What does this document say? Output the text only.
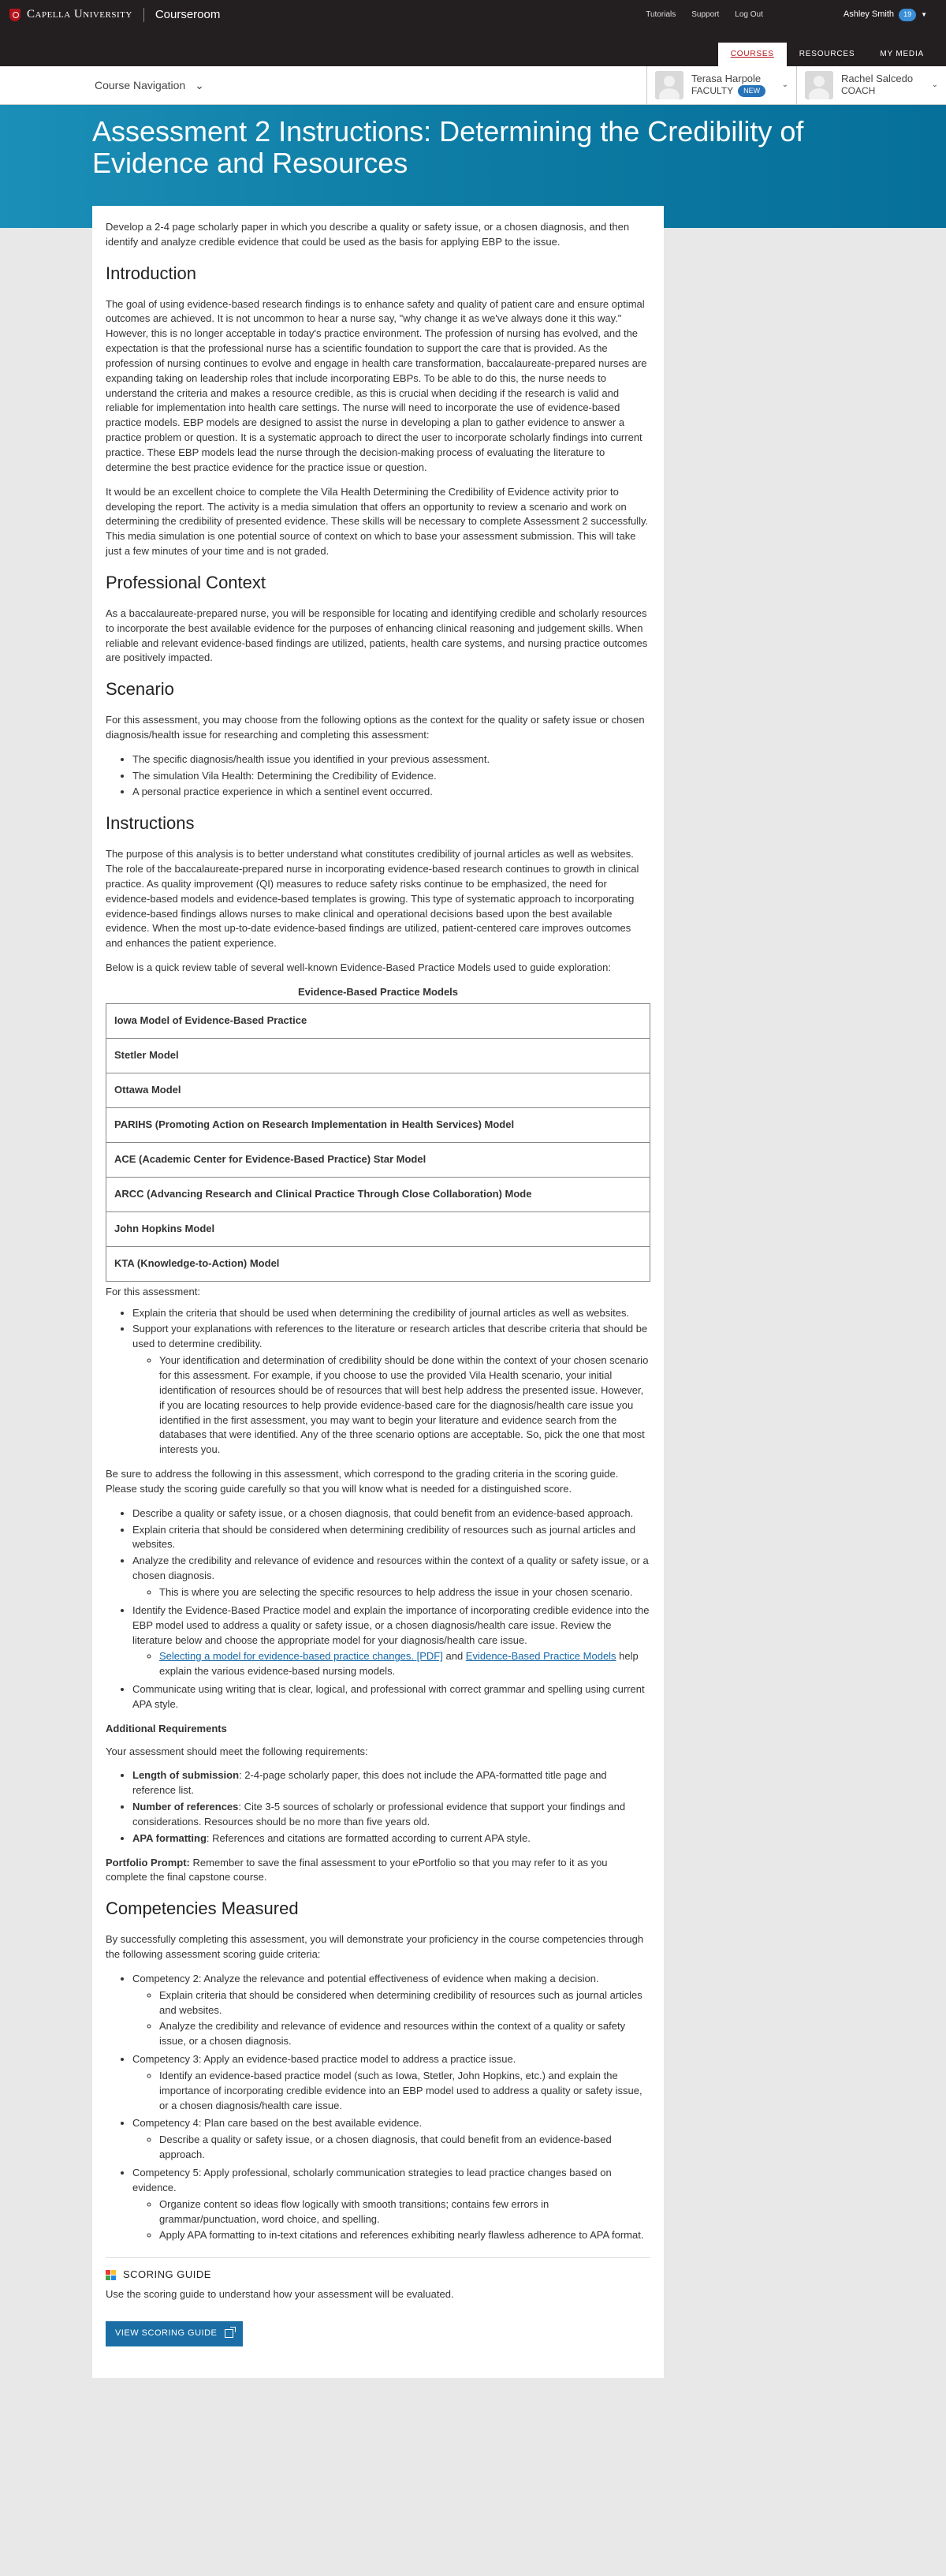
Capella University Courseroom	Tutorials Support Log Out	Ashley Smith	19	▼
COURSES	RESOURCES	MY MEDIA
Course Navigation ⌄
Terasa Harpole
FACULTY	NEW
⌄
Rachel Salcedo
COACH
⌄
Assessment 2 Instructions: Determining the Credibility of Evidence and Resources

Develop a 2-4 page scholarly paper in which you describe a quality or safety issue, or a chosen diagnosis, and then identify and analyze credible evidence that could be used as the basis for applying EBP to the issue.

Introduction

The goal of using evidence-based research findings is to enhance safety and quality of patient care and ensure optimal outcomes are achieved. It is not uncommon to hear a nurse say, "why change it as we've always done it this way." However, this is no longer acceptable in today's practice environment. The profession of nursing has evolved, and the expectation is that the professional nurse has a scientific foundation to support the care that is provided. As the profession of nursing continues to evolve and engage in health care transformation, baccalaureate-prepared nurses are expanding taking on leadership roles that include incorporating EBPs. To be able to do this, the nurse needs to understand the criteria and makes a resource credible, as this is crucial when deciding if the research is valid and reliable for implementation into health care settings. The nurse will need to incorporate the use of evidence-based practice models. EBP models are designed to assist the nurse in developing a plan to gather evidence to answer a practice problem or question. It is a systematic approach to direct the user to incorporate scholarly findings into current practice. These EBP models lead the nurse through the decision-making process of evaluating the literature to determine the best practice evidence for the practice issue or question.

It would be an excellent choice to complete the Vila Health Determining the Credibility of Evidence activity prior to developing the report. The activity is a media simulation that offers an opportunity to review a scenario and work on determining the credibility of presented evidence. These skills will be necessary to complete Assessment 2 successfully. This media simulation is one potential source of context on which to base your assessment submission. This will take just a few minutes of your time and is not graded.

Professional Context

As a baccalaureate-prepared nurse, you will be responsible for locating and identifying credible and scholarly resources to incorporate the best available evidence for the purposes of enhancing clinical reasoning and judgement skills. When reliable and relevant evidence-based findings are utilized, patients, health care systems, and nursing practice outcomes are positively impacted.

Scenario

For this assessment, you may choose from the following options as the context for the quality or safety issue or chosen diagnosis/health issue for researching and completing this assessment:

• The specific diagnosis/health issue you identified in your previous assessment.
• The simulation Vila Health: Determining the Credibility of Evidence.
• A personal practice experience in which a sentinel event occurred.
Instructions

The purpose of this analysis is to better understand what constitutes credibility of journal articles as well as websites. The role of the baccalaureate-prepared nurse in incorporating evidence-based research continues to growth in clinical practice. As quality improvement (QI) measures to reduce safety risks continue to be emphasized, the need for evidence-based models and evidence-based templates is growing. This type of systematic approach to incorporating evidence-based findings allows nurses to make clinical and operational decisions based upon the best available evidence. When the most up-to-date evidence-based findings are utilized, patient-centered care improves outcomes and enhances the patient experience.

Below is a quick review table of several well-known Evidence-Based Practice Models used to guide exploration:

Evidence-Based Practice Models
Iowa Model of Evidence-Based Practice
Stetler Model
Ottawa Model
PARIHS (Promoting Action on Research Implementation in Health Services) Model
ACE (Academic Center for Evidence-Based Practice) Star Model
ARCC (Advancing Research and Clinical Practice Through Close Collaboration) Mode
John Hopkins Model
KTA (Knowledge-to-Action) Model

For this assessment:

• Explain the criteria that should be used when determining the credibility of journal articles as well as websites.
• Support your explanations with references to the literature or research articles that describe criteria that should be used to determine credibility.
◦ Your identification and determination of credibility should be done within the context of your chosen scenario for this assessment. For example, if you choose to use the provided Vila Health scenario, your initial identification of resources should be of resources that will best help address the presented issue. However, if you are locating resources to help provide evidence-based care for the diagnosis/health care issue you identified in the first assessment, you may want to begin your literature and evidence search from the databases that were identified. Any of the three scenario options are acceptable. So, pick the one that most interests you.

Be sure to address the following in this assessment, which correspond to the grading criteria in the scoring guide. Please study the scoring guide carefully so that you will know what is needed for a distinguished score.

• Describe a quality or safety issue, or a chosen diagnosis, that could benefit from an evidence-based approach.
• Explain criteria that should be considered when determining credibility of resources such as journal articles and websites.
• Analyze the credibility and relevance of evidence and resources within the context of a quality or safety issue, or a chosen diagnosis.
◦ This is where you are selecting the specific resources to help address the issue in your chosen scenario.
• Identify the Evidence-Based Practice model and explain the importance of incorporating credible evidence into the EBP model used to address a quality or safety issue, or a chosen diagnosis/health care issue. Review the literature below and choose the appropriate model for your diagnosis/health care issue.
◦ Selecting a model for evidence-based practice changes. [PDF] and Evidence-Based Practice Models help explain the various evidence-based nursing models.
• Communicate using writing that is clear, logical, and professional with correct grammar and spelling using current APA style.
Additional Requirements

Your assessment should meet the following requirements:

• Length of submission: 2-4-page scholarly paper, this does not include the APA-formatted title page and reference list.
• Number of references: Cite 3-5 sources of scholarly or professional evidence that support your findings and considerations. Resources should be no more than five years old.
• APA formatting: References and citations are formatted according to current APA style.

Portfolio Prompt: Remember to save the final assessment to your ePortfolio so that you may refer to it as you complete the final capstone course.

Competencies Measured

By successfully completing this assessment, you will demonstrate your proficiency in the course competencies through the following assessment scoring guide criteria:

• Competency 2: Analyze the relevance and potential effectiveness of evidence when making a decision.
◦ Explain criteria that should be considered when determining credibility of resources such as journal articles and websites.
◦ Analyze the credibility and relevance of evidence and resources within the context of a quality or safety issue, or a chosen diagnosis.
• Competency 3: Apply an evidence-based practice model to address a practice issue.
◦ Identify an evidence-based practice model (such as Iowa, Stetler, John Hopkins, etc.) and explain the importance of incorporating credible evidence into an EBP model used to address a quality or safety issue, or a chosen diagnosis/health care issue.
• Competency 4: Plan care based on the best available evidence.
◦ Describe a quality or safety issue, or a chosen diagnosis, that could benefit from an evidence-based approach.
• Competency 5: Apply professional, scholarly communication strategies to lead practice changes based on evidence.
◦ Organize content so ideas flow logically with smooth transitions; contains few errors in grammar/punctuation, word choice, and spelling.
◦ Apply APA formatting to in-text citations and references exhibiting nearly flawless adherence to APA format.
SCORING GUIDE

Use the scoring guide to understand how your assessment will be evaluated.

VIEW SCORING GUIDE
